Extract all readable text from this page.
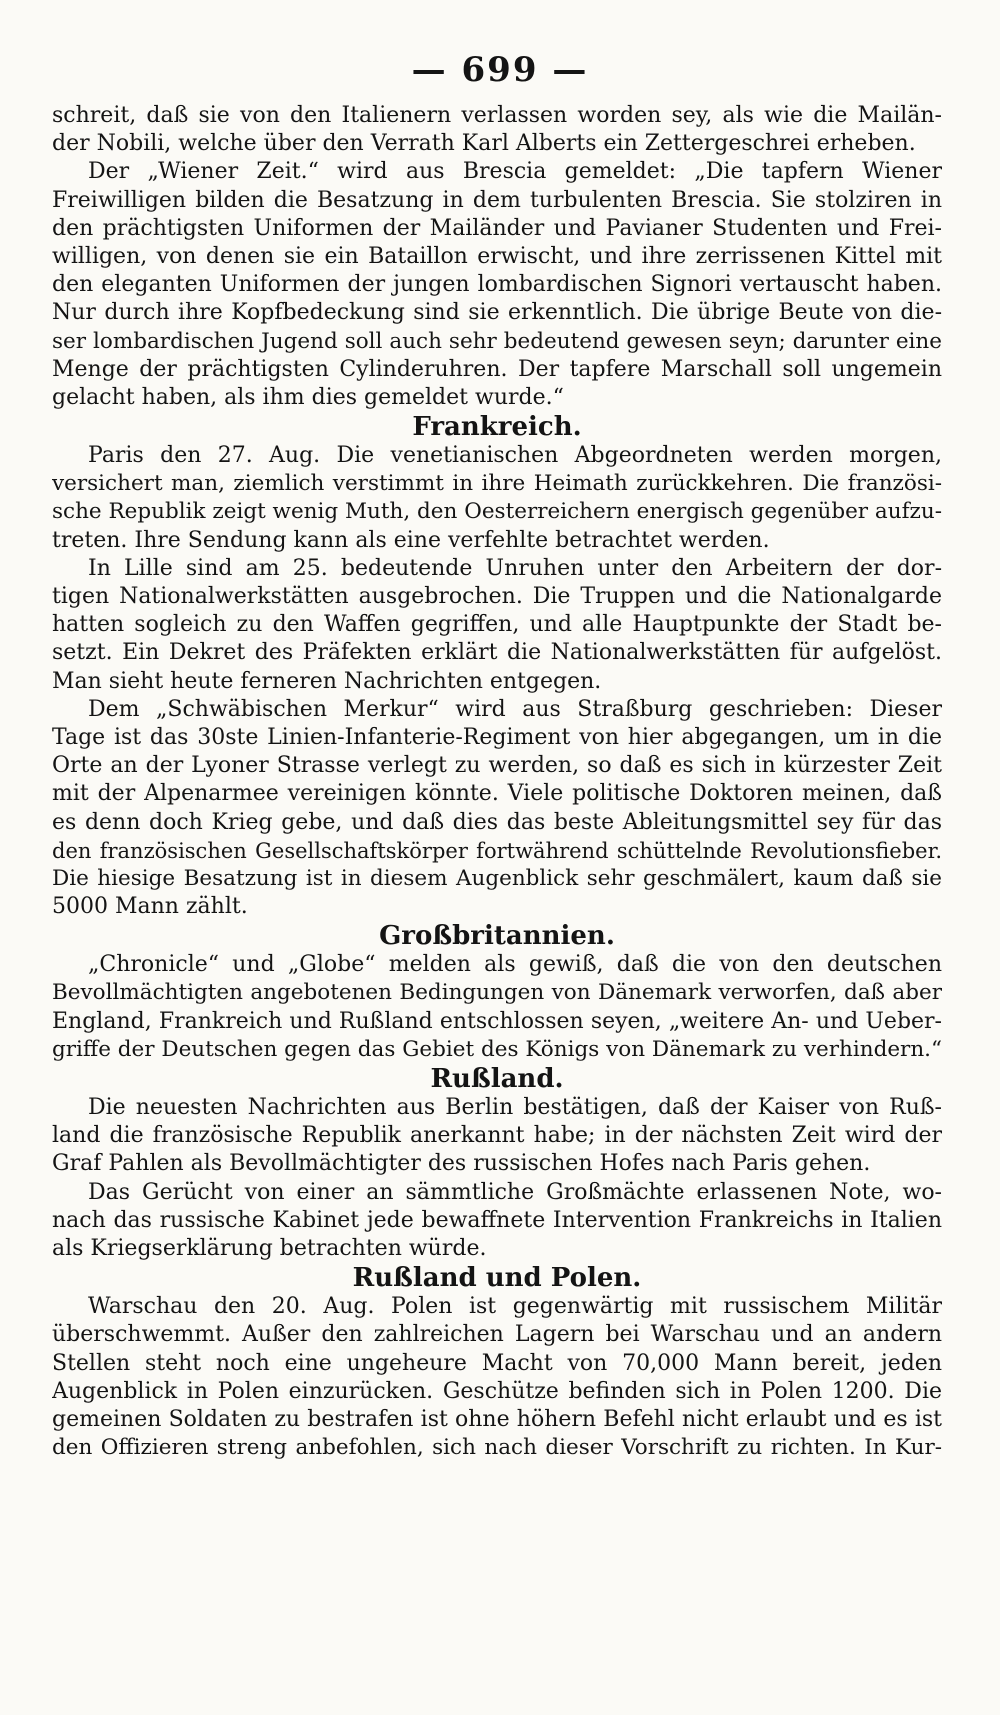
— 699 —

schreit, daß sie von den Italienern verlassen worden sey, als wie die Mailän-

der Nobili, welche über den Verrath Karl Alberts ein Zettergeschrei erheben.

Der „Wiener Zeit.“ wird aus Brescia gemeldet: „Die tapfern Wiener

Freiwilligen bilden die Besatzung in dem turbulenten Brescia. Sie stolziren in

den prächtigsten Uniformen der Mailänder und Pavianer Studenten und Frei-

willigen, von denen sie ein Bataillon erwischt, und ihre zerrissenen Kittel mit

den eleganten Uniformen der jungen lombardischen Signori vertauscht haben.

Nur durch ihre Kopfbedeckung sind sie erkenntlich. Die übrige Beute von die-

ser lombardischen Jugend soll auch sehr bedeutend gewesen seyn; darunter eine

Menge der prächtigsten Cylinderuhren. Der tapfere Marschall soll ungemein

gelacht haben, als ihm dies gemeldet wurde.“

Frankreich.

Paris den 27. Aug. Die venetianischen Abgeordneten werden morgen,

versichert man, ziemlich verstimmt in ihre Heimath zurückkehren. Die französi-

sche Republik zeigt wenig Muth, den Oesterreichern energisch gegenüber aufzu-

treten. Ihre Sendung kann als eine verfehlte betrachtet werden.

In Lille sind am 25. bedeutende Unruhen unter den Arbeitern der dor-

tigen Nationalwerkstätten ausgebrochen. Die Truppen und die Nationalgarde

hatten sogleich zu den Waffen gegriffen, und alle Hauptpunkte der Stadt be-

setzt. Ein Dekret des Präfekten erklärt die Nationalwerkstätten für aufgelöst.

Man sieht heute ferneren Nachrichten entgegen.

Dem „Schwäbischen Merkur“ wird aus Straßburg geschrieben: Dieser

Tage ist das 30ste Linien-Infanterie-Regiment von hier abgegangen, um in die

Orte an der Lyoner Strasse verlegt zu werden, so daß es sich in kürzester Zeit

mit der Alpenarmee vereinigen könnte. Viele politische Doktoren meinen, daß

es denn doch Krieg gebe, und daß dies das beste Ableitungsmittel sey für das

den französischen Gesellschaftskörper fortwährend schüttelnde Revolutionsfieber.

Die hiesige Besatzung ist in diesem Augenblick sehr geschmälert, kaum daß sie

5000 Mann zählt.

Großbritannien.

„Chronicle“ und „Globe“ melden als gewiß, daß die von den deutschen

Bevollmächtigten angebotenen Bedingungen von Dänemark verworfen, daß aber

England, Frankreich und Rußland entschlossen seyen, „weitere An- und Ueber-

griffe der Deutschen gegen das Gebiet des Königs von Dänemark zu verhindern.“

Rußland.

Die neuesten Nachrichten aus Berlin bestätigen, daß der Kaiser von Ruß-

land die französische Republik anerkannt habe; in der nächsten Zeit wird der

Graf Pahlen als Bevollmächtigter des russischen Hofes nach Paris gehen.

Das Gerücht von einer an sämmtliche Großmächte erlassenen Note, wo-

nach das russische Kabinet jede bewaffnete Intervention Frankreichs in Italien

als Kriegserklärung betrachten würde.

Rußland und Polen.

Warschau den 20. Aug. Polen ist gegenwärtig mit russischem Militär

überschwemmt. Außer den zahlreichen Lagern bei Warschau und an andern

Stellen steht noch eine ungeheure Macht von 70,000 Mann bereit, jeden

Augenblick in Polen einzurücken. Geschütze befinden sich in Polen 1200. Die

gemeinen Soldaten zu bestrafen ist ohne höhern Befehl nicht erlaubt und es ist

den Offizieren streng anbefohlen, sich nach dieser Vorschrift zu richten. In Kur-
